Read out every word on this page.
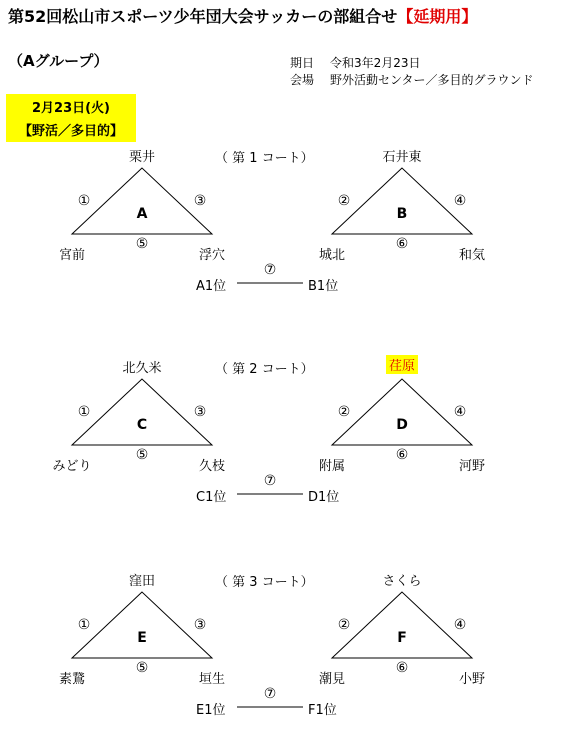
第52回松山市スポーツ少年団大会サッカーの部組合せ【延期用】
（Aグループ）	期日 令和3年2月23日
会場 野外活動センター／多目的グラウンド
2月23日(火)
【野活／多目的】
（ 第 1 コート）
栗井
①	③
A
宮前
⑤
浮穴
石井東
②	④
B
城北
⑥
和気
⑦
A1位	B1位
（ 第 2 コート）
北久米
①	③
C
みどり
⑤
久枝
荏原
②	④
D
附属
⑥
河野
⑦
C1位	D1位
（ 第 3 コート）
窪田
①	③
E
素鵞
⑤
垣生
さくら
②	④
F
潮見
⑥
小野
⑦
E1位	F1位
